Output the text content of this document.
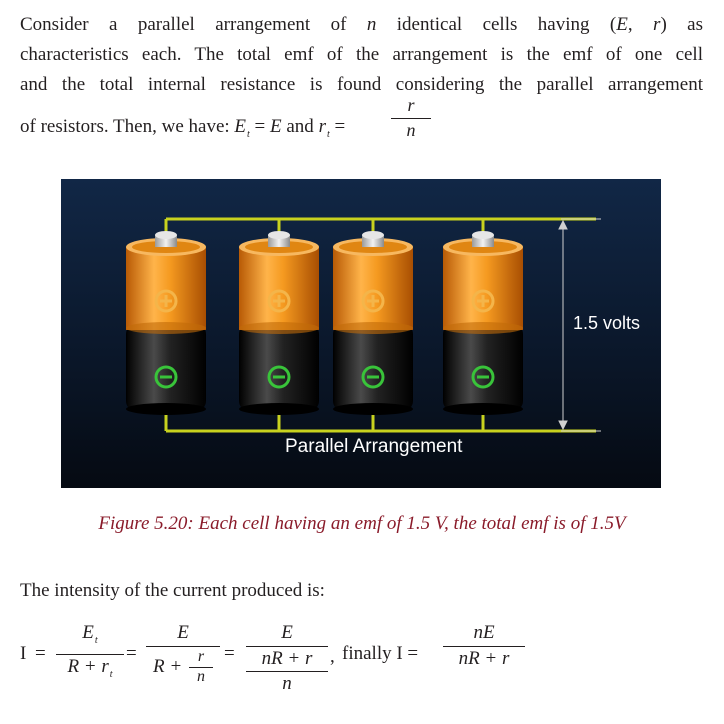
Consider a parallel arrangement of n identical cells having (E, r) as
characteristics each. The total emf of the arrangement is the emf of one cell
and the total internal resistance is found considering the parallel arrangement
of resistors. Then, we have: $E_t = E$ and $r_t$ =	$\frac{r}{n}$
1.5 volts
Parallel Arrangement
Figure 5.20: Each cell having an emf of 1.5 V, the total emf is of 1.5V
The intensity of the current produced is:
I =
$E_t$
$R + r_t$
=
E
$R + \frac{r}{n}$ =
E
nR + r
n
, finally I =
nE
nR + r
